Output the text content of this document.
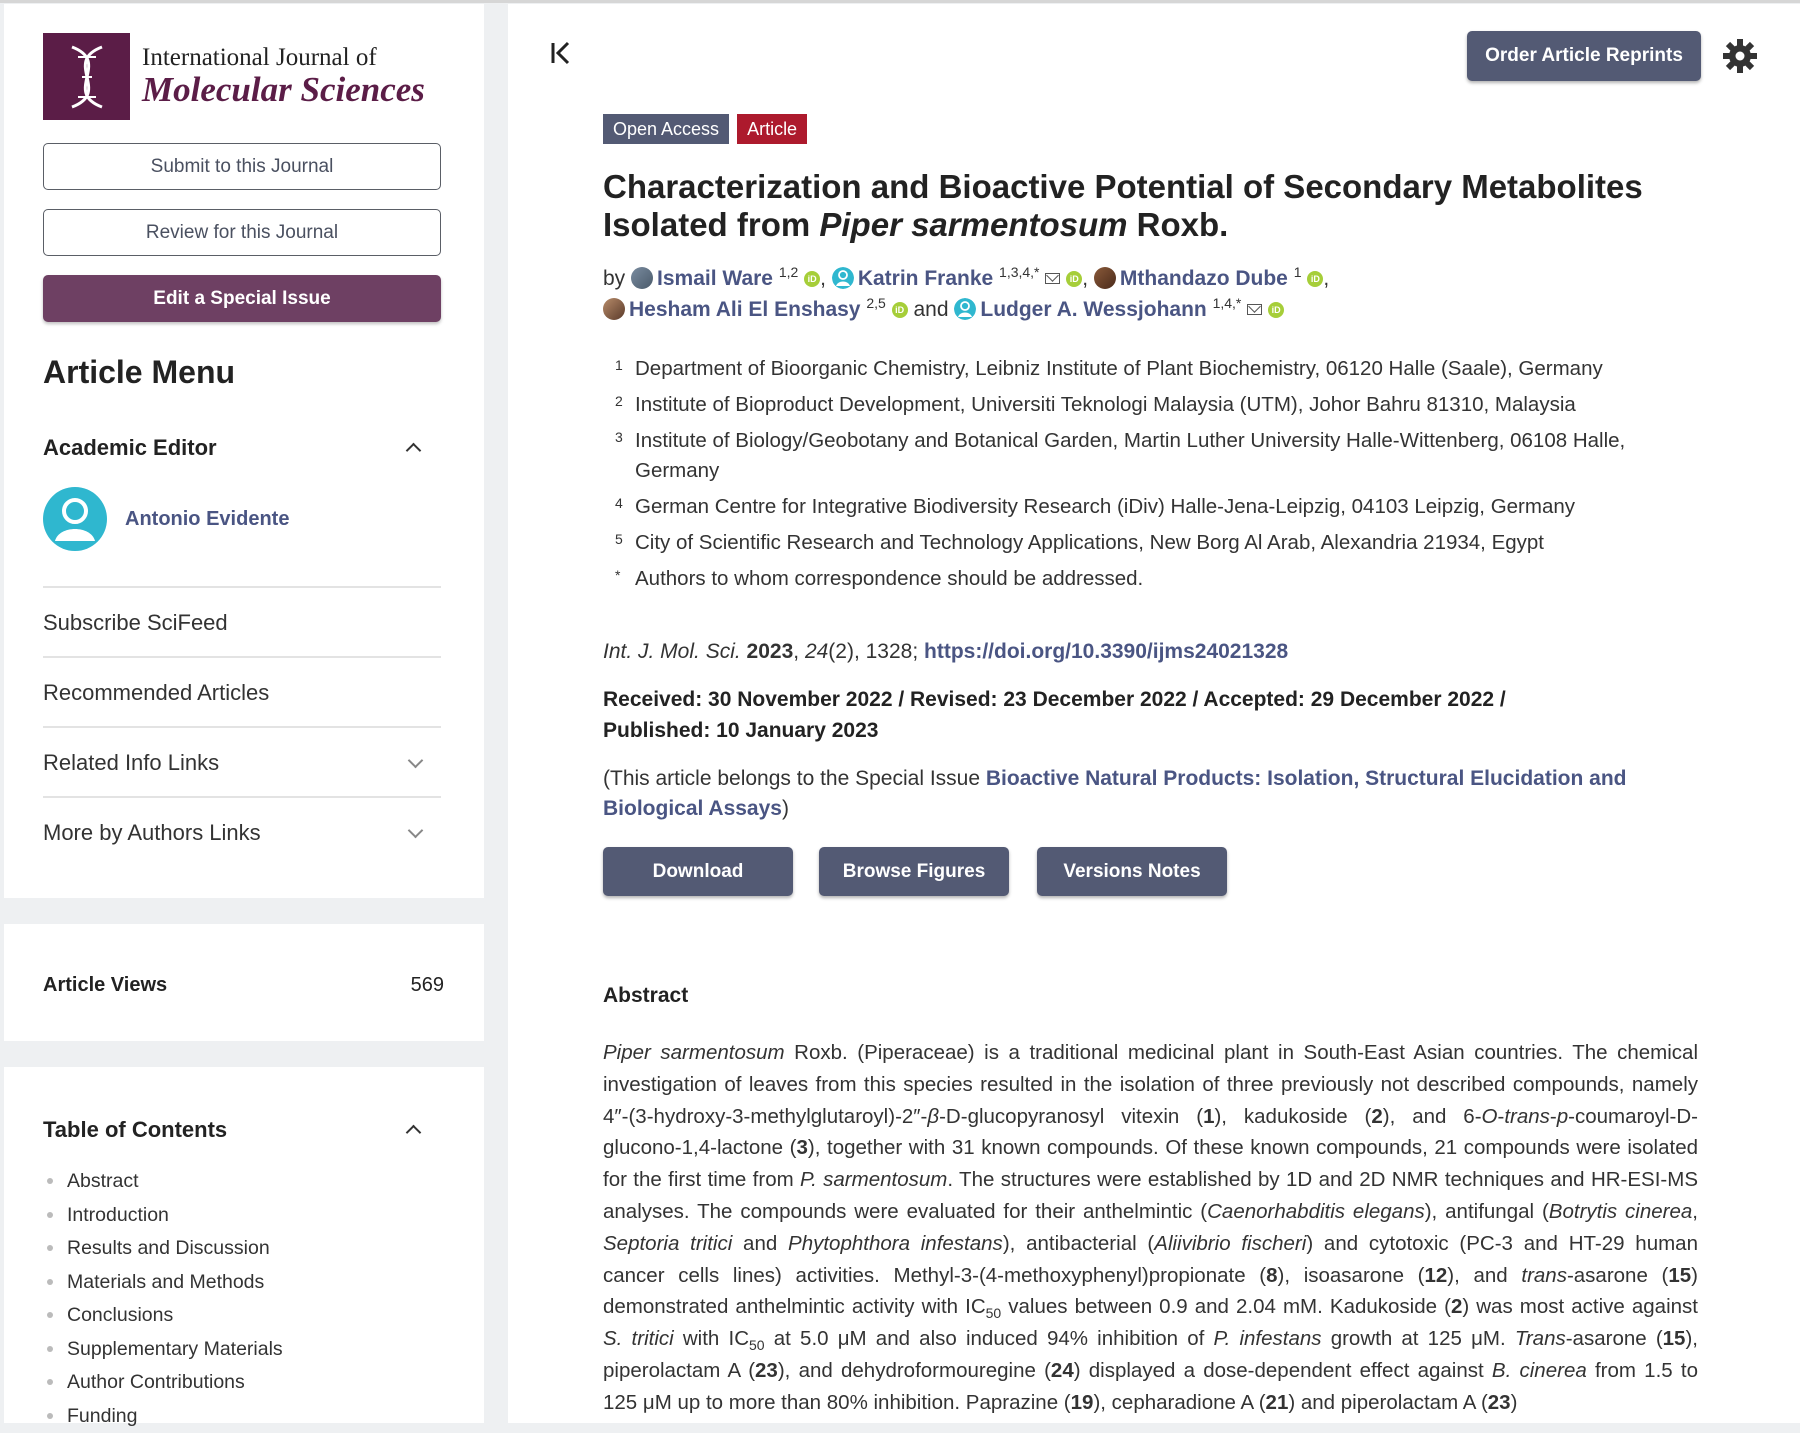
International Journal of
Molecular Sciences
Submit to this Journal
Review for this Journal
Edit a Special Issue
Article Menu
Academic Editor
Antonio Evidente
Subscribe SciFeed
Recommended Articles
Related Info Links
More by Authors Links
Article Views	569
Table of Contents
Abstract
Introduction
Results and Discussion
Materials and Methods
Conclusions
Supplementary Materials
Author Contributions
Funding
Order Article Reprints
Open Access	Article
Characterization and Bioactive Potential of Secondary Metabolites Isolated from Piper sarmentosum Roxb.
by Ismail Ware $^{1,2}$ iD , Katrin Franke $^{1,3,4,*}$	iD , Mthandazo Dube $^1$ iD ,
Hesham Ali El Enshasy $^{2,5}$ iD and Ludger A. Wessjohann $^{1,4,*}$	iD
1 Department of Bioorganic Chemistry, Leibniz Institute of Plant Biochemistry, 06120 Halle (Saale), Germany
2 Institute of Bioproduct Development, Universiti Teknologi Malaysia (UTM), Johor Bahru 81310, Malaysia
3 Institute of Biology/Geobotany and Botanical Garden, Martin Luther University Halle-Wittenberg, 06108 Halle, Germany
4 German Centre for Integrative Biodiversity Research (iDiv) Halle-Jena-Leipzig, 04103 Leipzig, Germany
5 City of Scientific Research and Technology Applications, New Borg Al Arab, Alexandria 21934, Egypt
* Authors to whom correspondence should be addressed.
Int. J. Mol. Sci. 2023, 24(2), 1328; https://doi.org/10.3390/ijms24021328
Received: 30 November 2022 / Revised: 23 December 2022 / Accepted: 29 December 2022 / Published: 10 January 2023
(This article belongs to the Special Issue Bioactive Natural Products: Isolation, Structural Elucidation and Biological Assays)
Download	Browse Figures	Versions Notes
Abstract
Piper sarmentosum Roxb. (Piperaceae) is a traditional medicinal plant in South-East Asian countries. The chemical investigation of leaves from this species resulted in the isolation of three previously not described compounds, namely 4″-(3-hydroxy-3-methylglutaroyl)-2″-β-D-glucopyranosyl vitexin (1), kadukoside (2), and 6-O-trans-p-coumaroyl-D-glucono-1,4-lactone (3), together with 31 known compounds. Of these known compounds, 21 compounds were isolated for the first time from P. sarmentosum. The structures were established by 1D and 2D NMR techniques and HR-ESI-MS analyses. The compounds were evaluated for their anthelmintic (Caenorhabditis elegans), antifungal (Botrytis cinerea, Septoria tritici and Phytophthora infestans), antibacterial (Aliivibrio fischeri) and cytotoxic (PC-3 and HT-29 human cancer cells lines) activities. Methyl-3-(4-methoxyphenyl)propionate (8), isoasarone (12), and trans-asarone (15) demonstrated anthelmintic activity with $IC_{50}$ values between 0.9 and 2.04 mM. Kadukoside (2) was most active against S. tritici with $IC_{50}$ at 5.0 μM and also induced 94% inhibition of P. infestans growth at 125 μM. Trans-asarone (15), piperolactam A (23), and dehydroformouregine (24) displayed a dose-dependent effect against B. cinerea from 1.5 to 125 μM up to more than 80% inhibition. Paprazine (19), cepharadione A (21) and piperolactam A (23)
